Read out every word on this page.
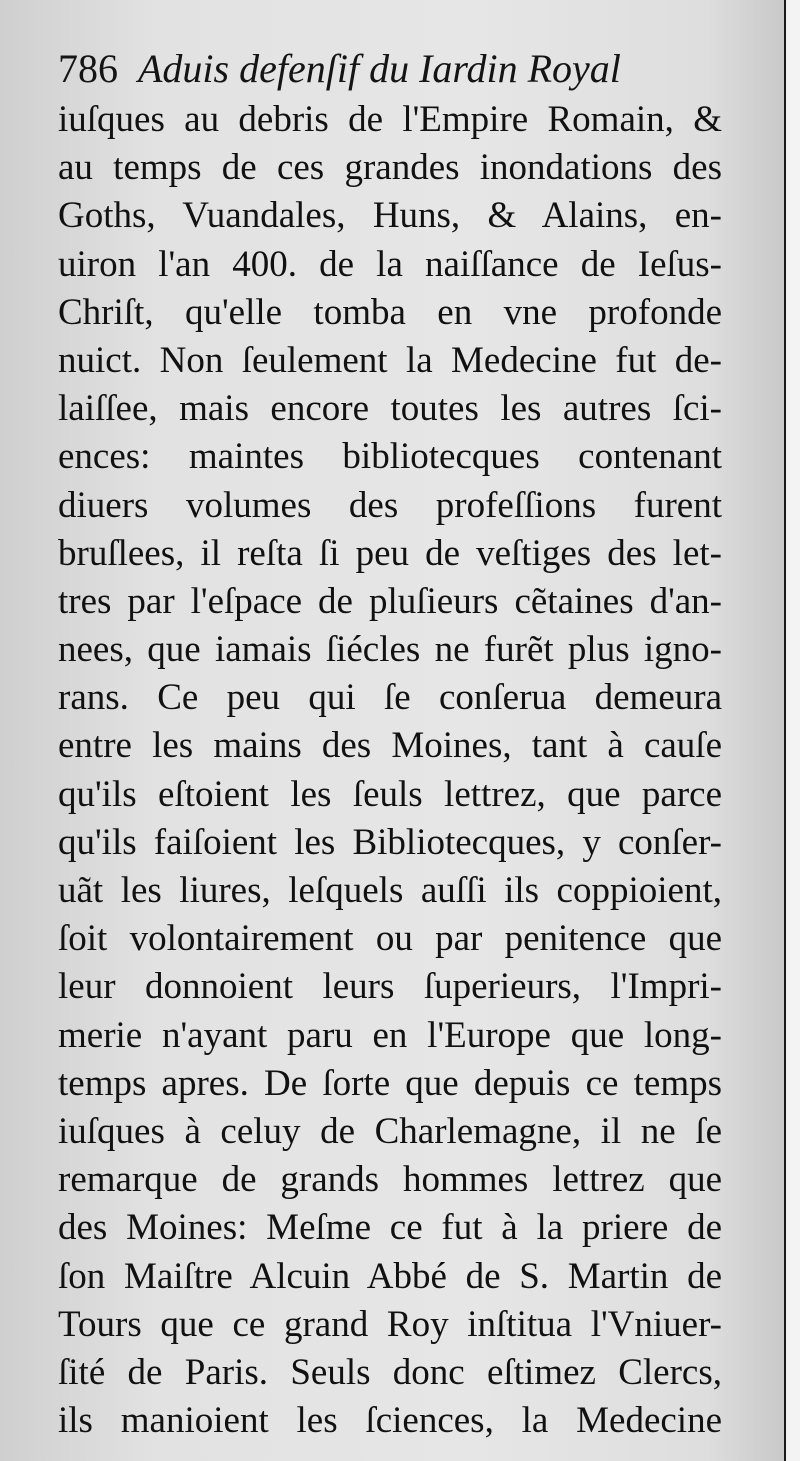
786 Aduis defenſif du Iardin Royal
iuſques au debris de l'Empire Romain, &
au temps de ces grandes inondations des
Goths, Vuandales, Huns, & Alains, en-
uiron l'an 400. de la naiſſance de Ieſus-
Chriſt, qu'elle tomba en vne profonde
nuict. Non ſeulement la Medecine fut de-
laiſſee, mais encore toutes les autres ſci-
ences: maintes bibliotecques contenant
diuers volumes des profeſſions furent
bruſlees, il reſta ſi peu de veſtiges des let-
tres par l'eſpace de pluſieurs cẽtaines d'an-
nees, que iamais ſiécles ne furẽt plus igno-
rans. Ce peu qui ſe conſerua demeura
entre les mains des Moines, tant à cauſe
qu'ils eſtoient les ſeuls lettrez, que parce
qu'ils faiſoient les Bibliotecques, y conſer-
uãt les liures, leſquels auſſi ils coppioient,
ſoit volontairement ou par penitence que
leur donnoient leurs ſuperieurs, l'Impri-
merie n'ayant paru en l'Europe que long-
temps apres. De ſorte que depuis ce temps
iuſques à celuy de Charlemagne, il ne ſe
remarque de grands hommes lettrez que
des Moines: Meſme ce fut à la priere de
ſon Maiſtre Alcuin Abbé de S. Martin de
Tours que ce grand Roy inſtitua l'Vniuer-
ſité de Paris. Seuls donc eſtimez Clercs,
ils manioient les ſciences, la Medecine
